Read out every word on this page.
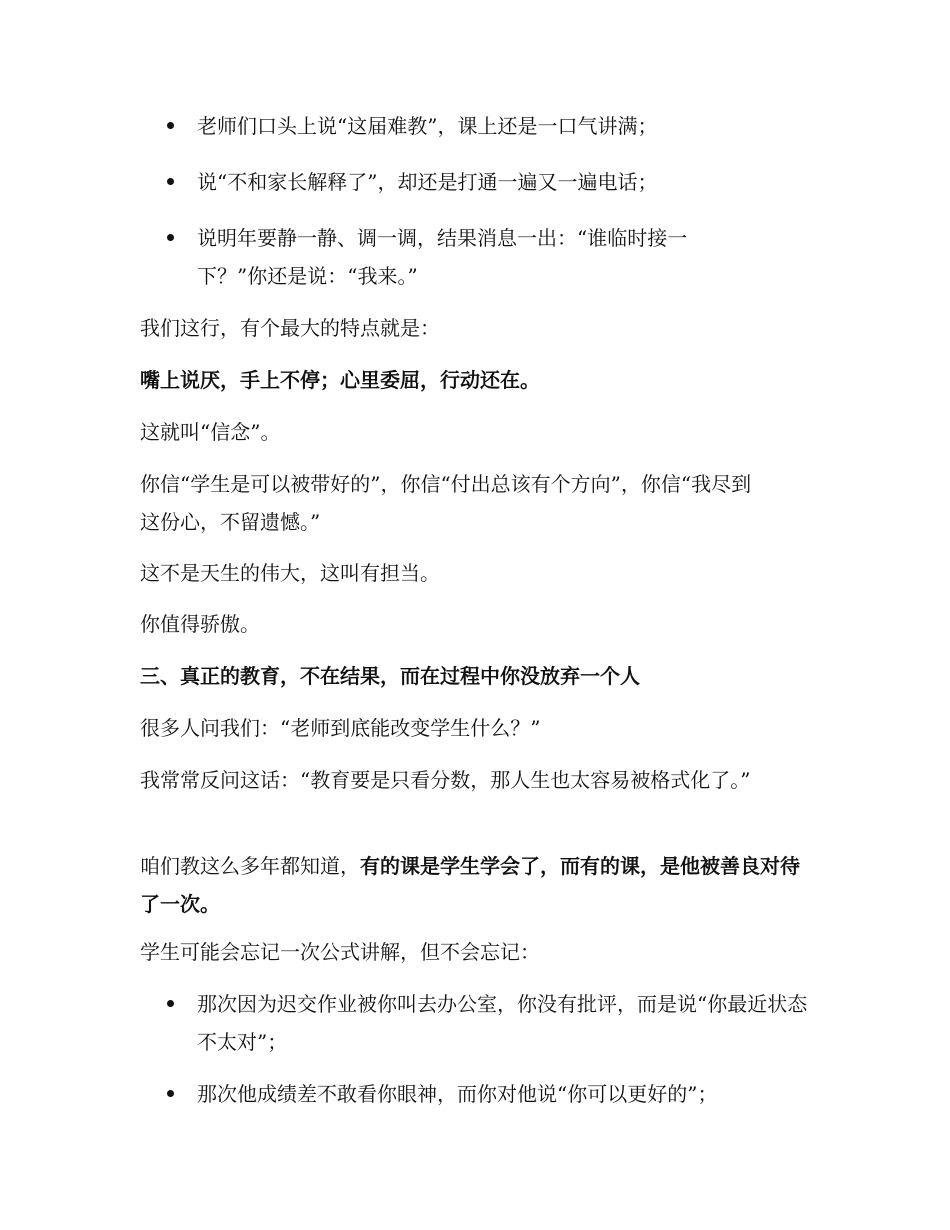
老师们口头上说“这届难教”，课上还是一口气讲满；
说“不和家长解释了”，却还是打通一遍又一遍电话；
说明年要静一静、调一调，结果消息一出：“谁临时接一下？”你还是说：“我来。”

我们这行，有个最大的特点就是：

嘴上说厌，手上不停；心里委屈，行动还在。

这就叫“信念”。

你信“学生是可以被带好的”，你信“付出总该有个方向”，你信“我尽到这份心，不留遗憾。”

这不是天生的伟大，这叫有担当。

你值得骄傲。

三、真正的教育，不在结果，而在过程中你没放弃一个人

很多人问我们：“老师到底能改变学生什么？”

我常常反问这话：“教育要是只看分数，那人生也太容易被格式化了。”

咱们教这么多年都知道，有的课是学生学会了，而有的课，是他被善良对待了一次。

学生可能会忘记一次公式讲解，但不会忘记：

那次因为迟交作业被你叫去办公室，你没有批评，而是说“你最近状态不太对”；
那次他成绩差不敢看你眼神，而你对他说“你可以更好的”；
